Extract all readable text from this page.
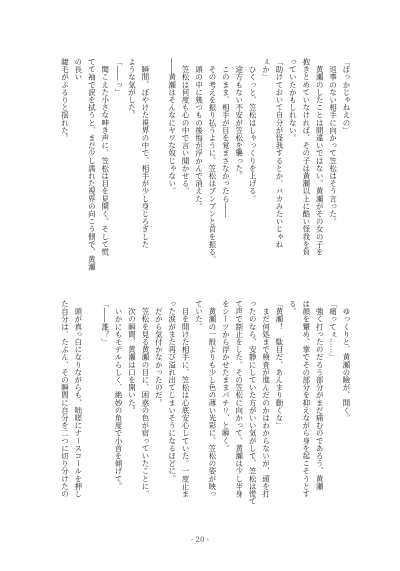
「ばっかじゃねえの」
　返事のない相手に向かって笠松はそう言った。
　黄瀬のしたことは間違いではない。黄瀬がその女の子を
抱きとめていなければ、その子は黄瀬以上に酷い怪我を負
っていたかもしれない。
「助けておいて自分が怪我するとか、バカみたいじゃね
ぇか」
　ひくっと、笠松はしゃっくりを上げる。
　途方もない不安が笠松を襲った。
　このまま、相手が目を覚まさなかったら――
　その考えを振り払うように、笠松はブンブンと首を振る。
　頭の中に幾つもの後悔が浮かんで消えた。
　笠松は何度も心の中で言い聞かせる。
――黄瀬はそんなにヤワな奴じゃない。

　瞬間、ぼやけた視界の中で、相手が少し身じろぎした
ような気がした。
「――っ」
　聞こえた小さな呻き声に、笠松は目を見開く。そして慌
てて袖で涙を拭うと、まだ少し濡れた視界の向こう側で、黄瀬の長い
睫毛がふるりと揺れた。
　ゆっくりと、黄瀬の瞼が、開く。
「痛ってぇ……」
　強く打ったのだろう部分がまだ痛むのであろう、黄瀬
は顔を顰め、掌でその部分を抑えながら身を起こそうとす
る。
「黄瀬！　駄目だ、あんまり動くな」
　まだ何処まで検査が進んだのかはわからないが、頭を打
ったのなら、安静にしていた方がいい気がして、笠松は慌て
て声で制止をした。その笠松に向かって、黄瀬は少し半身
をシーツから浮かせたままパチリ、と瞬く。
　黄瀬の一般よりも少し色の薄い光彩に、笠松の姿が映っ
ていた。
　目を開けた相手に、笠松は心底安心していた。一度止ま
った涙がまた再び溢れ出てしまいそうになるほどに。
　だから気付かなかったのだ。
　笠松を見る黄瀬の目に、困惑の色が宿っていたことに。
　次の瞬間、黄瀬は口を開いた。
　いかにもモデルらしく、絶妙の角度で小首を傾げて。
「――誰？」

　頭が真っ白になりながらも、咄嗟にナースコールを押し
た自分は、たぶん、その瞬間に自分を二つに切り分けたの
- 20 -
